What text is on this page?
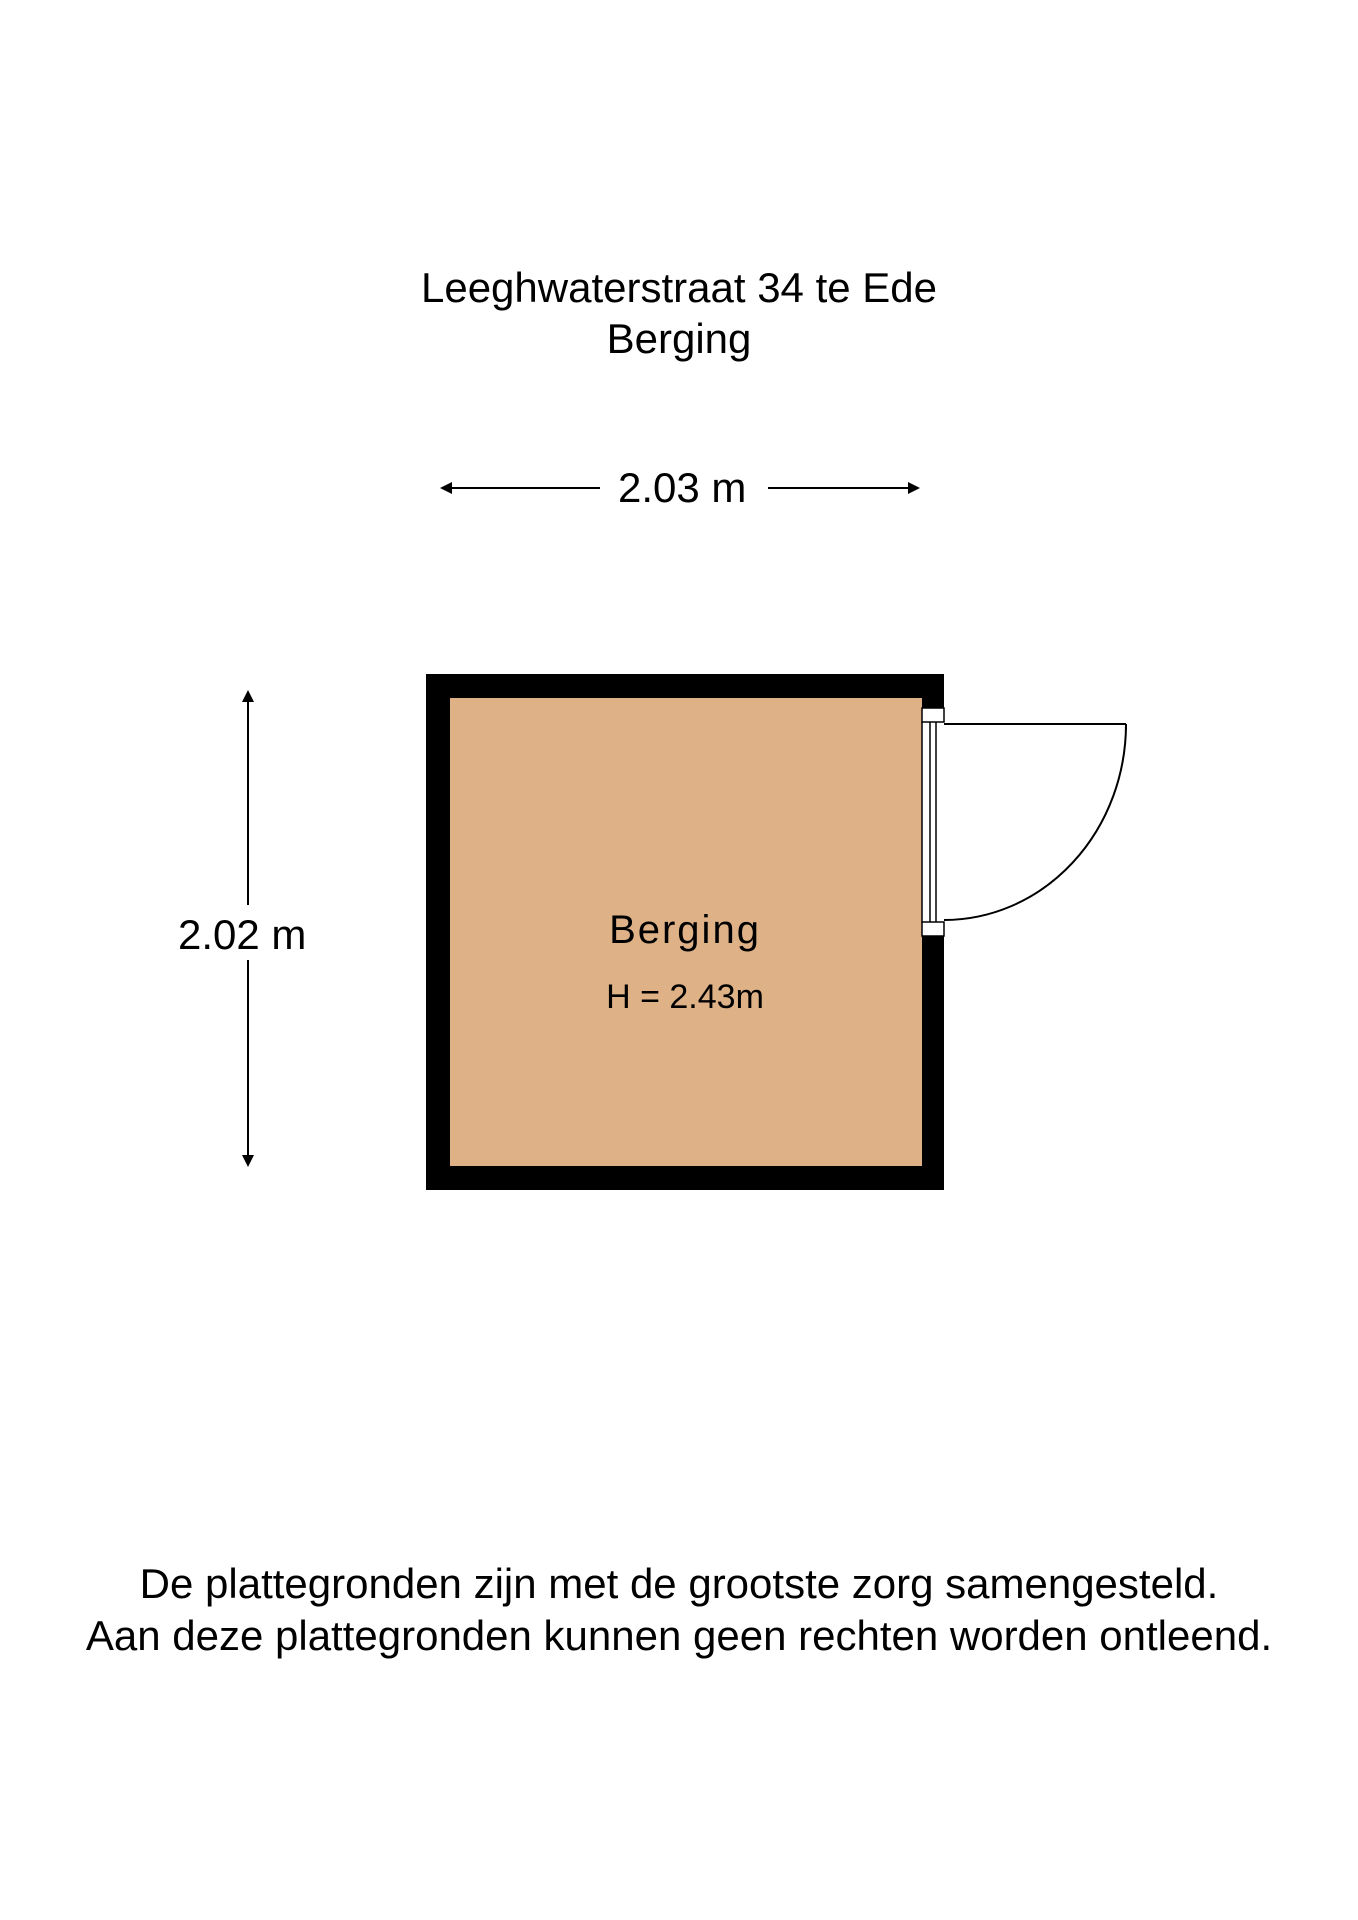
Leeghwaterstraat 34 te Ede
Berging
2.03 m
2.02 m	Berging
H = 2.43m
De plattegronden zijn met de grootste zorg samengesteld.
Aan deze plattegronden kunnen geen rechten worden ontleend.
